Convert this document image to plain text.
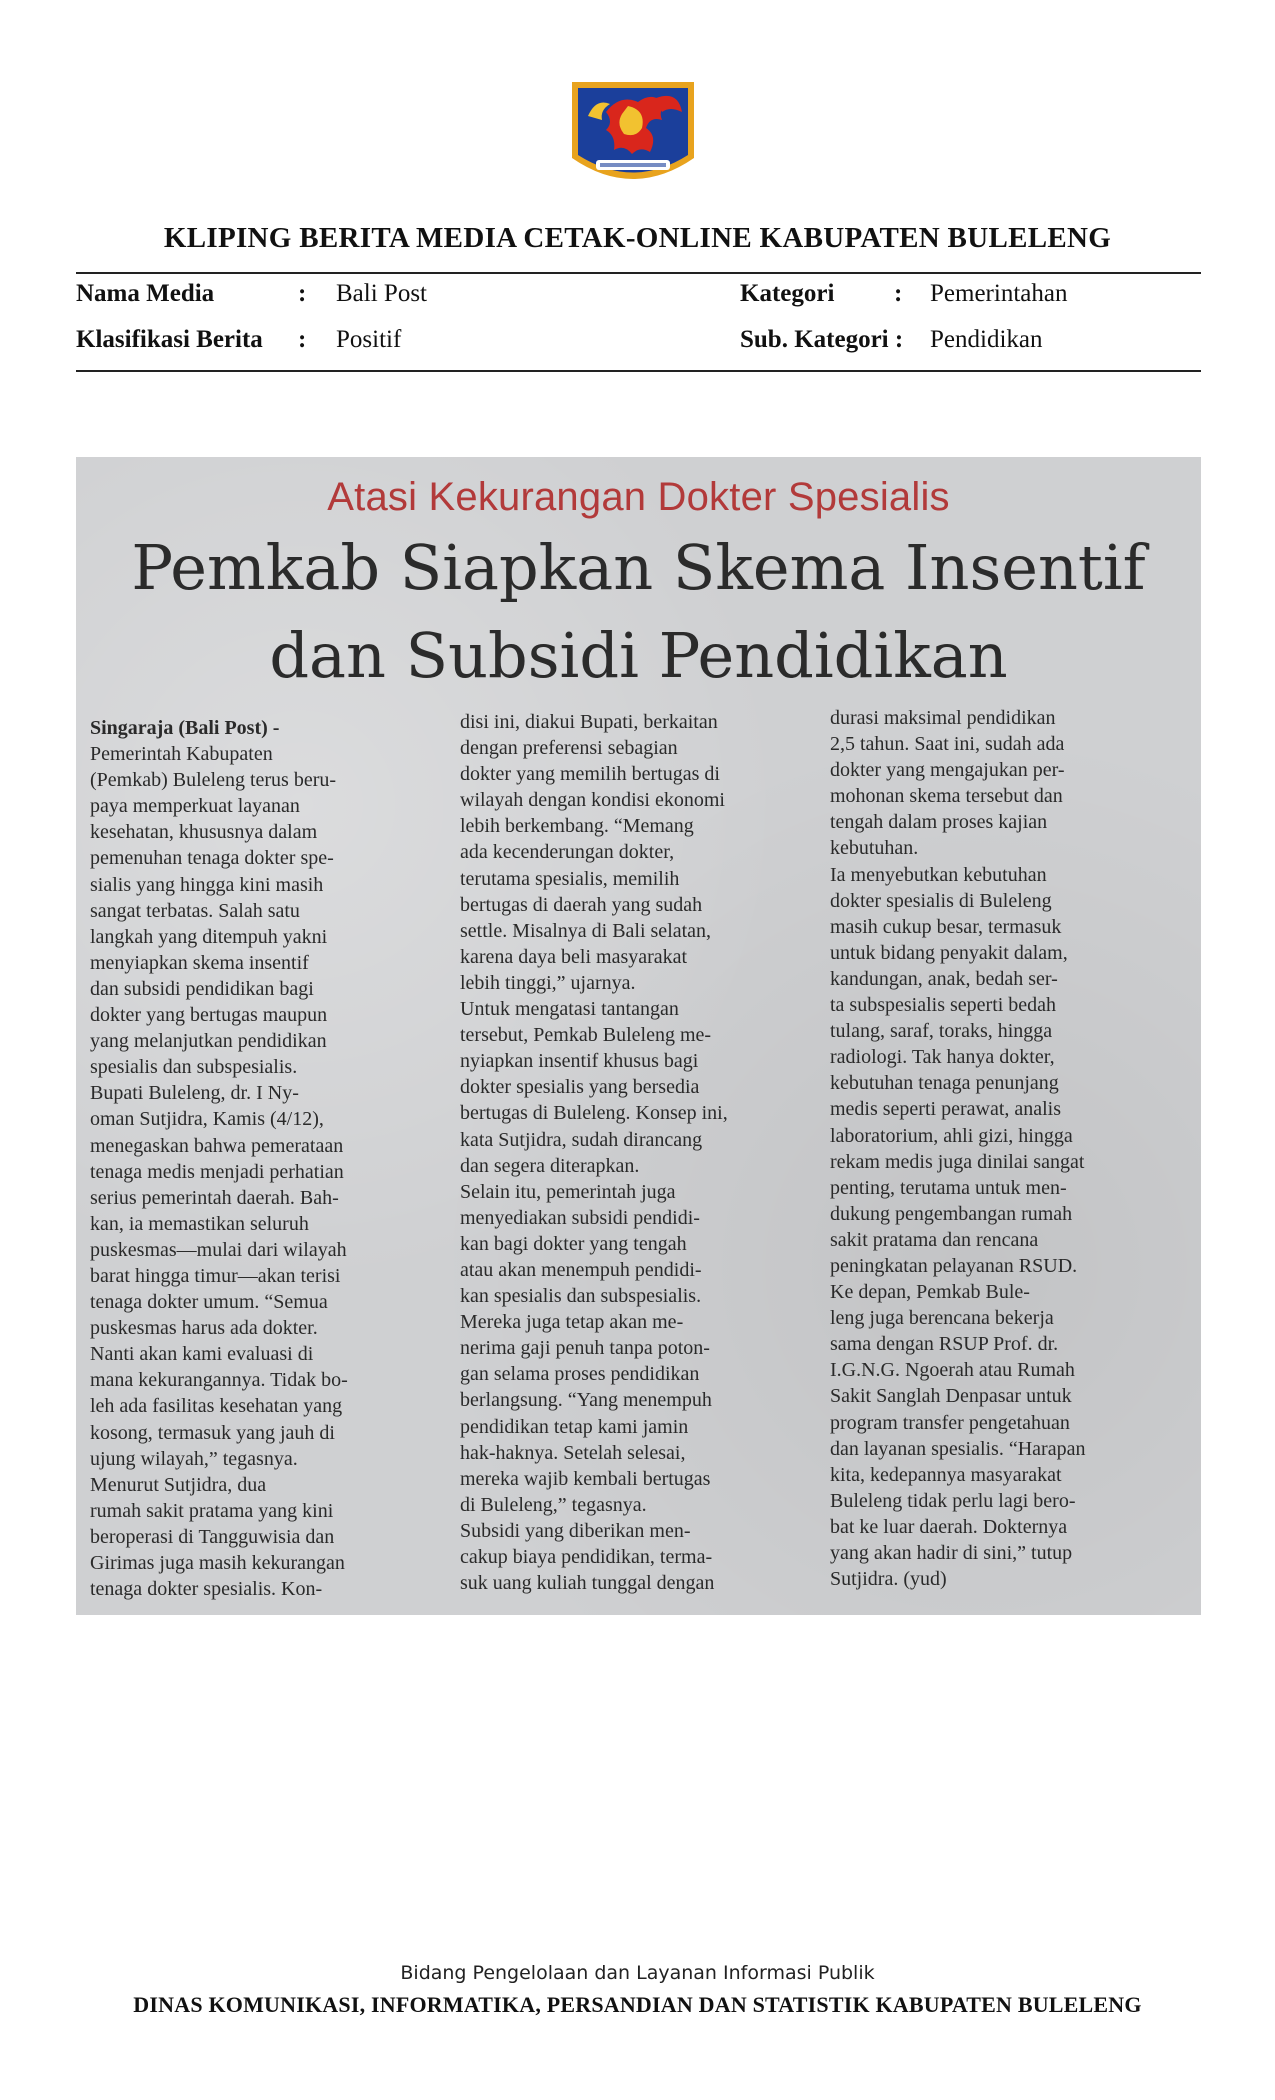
KLIPING BERITA MEDIA CETAK-ONLINE KABUPATEN BULELENG
Nama Media	: Bali Post	Kategori : Pemerintahan
Klasifikasi Berita : Positif	Sub. Kategori : Pendidikan
Atasi Kekurangan Dokter Spesialis
Pemkab Siapkan Skema Insentif
dan Subsidi Pendidikan
Singaraja (Bali Post) -
Pemerintah Kabupaten
(Pemkab) Buleleng terus beru-
paya memperkuat layanan
kesehatan, khususnya dalam
pemenuhan tenaga dokter spe-
sialis yang hingga kini masih
sangat terbatas. Salah satu
langkah yang ditempuh yakni
menyiapkan skema insentif
dan subsidi pendidikan bagi
dokter yang bertugas maupun
yang melanjutkan pendidikan
spesialis dan subspesialis.
Bupati Buleleng, dr. I Ny-
oman Sutjidra, Kamis (4/12),
menegaskan bahwa pemerataan
tenaga medis menjadi perhatian
serius pemerintah daerah. Bah-
kan, ia memastikan seluruh
puskesmas—mulai dari wilayah
barat hingga timur—akan terisi
tenaga dokter umum. “Semua
puskesmas harus ada dokter.
Nanti akan kami evaluasi di
mana kekurangannya. Tidak bo-
leh ada fasilitas kesehatan yang
kosong, termasuk yang jauh di
ujung wilayah,” tegasnya.
Menurut Sutjidra, dua
rumah sakit pratama yang kini
beroperasi di Tangguwisia dan
Girimas juga masih kekurangan
tenaga dokter spesialis. Kon-
disi ini, diakui Bupati, berkaitan
dengan preferensi sebagian
dokter yang memilih bertugas di
wilayah dengan kondisi ekonomi
lebih berkembang. “Memang
ada kecenderungan dokter,
terutama spesialis, memilih
bertugas di daerah yang sudah
settle. Misalnya di Bali selatan,
karena daya beli masyarakat
lebih tinggi,” ujarnya.
Untuk mengatasi tantangan
tersebut, Pemkab Buleleng me-
nyiapkan insentif khusus bagi
dokter spesialis yang bersedia
bertugas di Buleleng. Konsep ini,
kata Sutjidra, sudah dirancang
dan segera diterapkan.
Selain itu, pemerintah juga
menyediakan subsidi pendidi-
kan bagi dokter yang tengah
atau akan menempuh pendidi-
kan spesialis dan subspesialis.
Mereka juga tetap akan me-
nerima gaji penuh tanpa poton-
gan selama proses pendidikan
berlangsung. “Yang menempuh
pendidikan tetap kami jamin
hak-haknya. Setelah selesai,
mereka wajib kembali bertugas
di Buleleng,” tegasnya.
Subsidi yang diberikan men-
cakup biaya pendidikan, terma-
suk uang kuliah tunggal dengan
durasi maksimal pendidikan
2,5 tahun. Saat ini, sudah ada
dokter yang mengajukan per-
mohonan skema tersebut dan
tengah dalam proses kajian
kebutuhan.
Ia menyebutkan kebutuhan
dokter spesialis di Buleleng
masih cukup besar, termasuk
untuk bidang penyakit dalam,
kandungan, anak, bedah ser-
ta subspesialis seperti bedah
tulang, saraf, toraks, hingga
radiologi. Tak hanya dokter,
kebutuhan tenaga penunjang
medis seperti perawat, analis
laboratorium, ahli gizi, hingga
rekam medis juga dinilai sangat
penting, terutama untuk men-
dukung pengembangan rumah
sakit pratama dan rencana
peningkatan pelayanan RSUD.
Ke depan, Pemkab Bule-
leng juga berencana bekerja
sama dengan RSUP Prof. dr.
I.G.N.G. Ngoerah atau Rumah
Sakit Sanglah Denpasar untuk
program transfer pengetahuan
dan layanan spesialis. “Harapan
kita, kedepannya masyarakat
Buleleng tidak perlu lagi bero-
bat ke luar daerah. Dokternya
yang akan hadir di sini,” tutup
Sutjidra. (yud)
Bidang Pengelolaan dan Layanan Informasi Publik
DINAS KOMUNIKASI, INFORMATIKA, PERSANDIAN DAN STATISTIK KABUPATEN BULELENG
